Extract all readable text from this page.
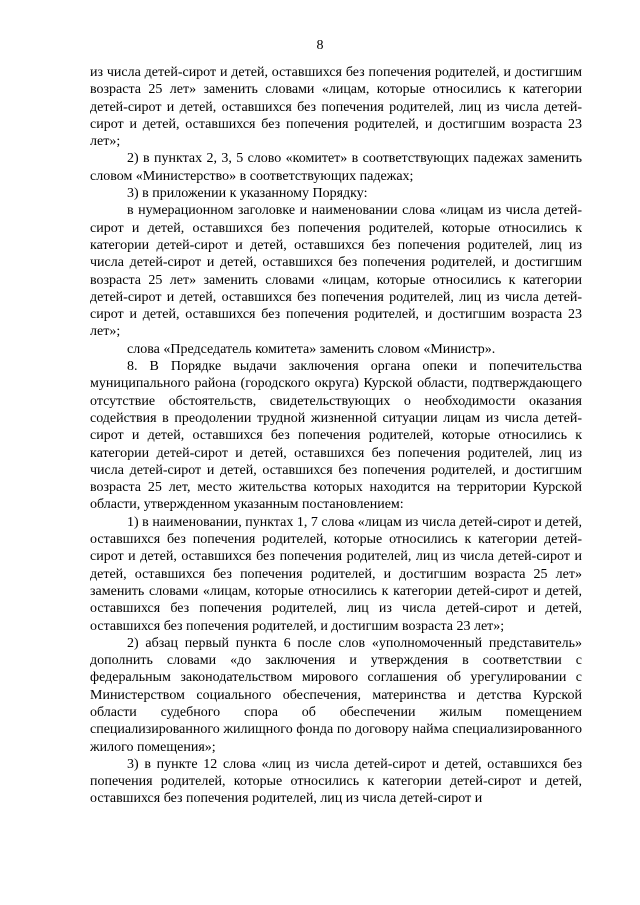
8

из числа детей-сирот и детей, оставшихся без попечения родителей, и достигшим возраста 25 лет» заменить словами «лицам, которые относились к категории детей-сирот и детей, оставшихся без попечения родителей, лиц из числа детей-сирот и детей, оставшихся без попечения родителей, и достигшим возраста 23 лет»;

2) в пунктах 2, 3, 5 слово «комитет» в соответствующих падежах заменить словом «Министерство» в соответствующих падежах;

3) в приложении к указанному Порядку:

в нумерационном заголовке и наименовании слова «лицам из числа детей-сирот и детей, оставшихся без попечения родителей, которые относились к категории детей-сирот и детей, оставшихся без попечения родителей, лиц из числа детей-сирот и детей, оставшихся без попечения родителей, и достигшим возраста 25 лет» заменить словами «лицам, которые относились к категории детей-сирот и детей, оставшихся без попечения родителей, лиц из числа детей-сирот и детей, оставшихся без попечения родителей, и достигшим возраста 23 лет»;

слова «Председатель комитета» заменить словом «Министр».

8. В Порядке выдачи заключения органа опеки и попечительства муниципального района (городского округа) Курской области, подтверждающего отсутствие обстоятельств, свидетельствующих о необходимости оказания содействия в преодолении трудной жизненной ситуации лицам из числа детей-сирот и детей, оставшихся без попечения родителей, которые относились к категории детей-сирот и детей, оставшихся без попечения родителей, лиц из числа детей-сирот и детей, оставшихся без попечения родителей, и достигшим возраста 25 лет, место жительства которых находится на территории Курской области, утвержденном указанным постановлением:

1) в наименовании, пунктах 1, 7 слова «лицам из числа детей-сирот и детей, оставшихся без попечения родителей, которые относились к категории детей-сирот и детей, оставшихся без попечения родителей, лиц из числа детей-сирот и детей, оставшихся без попечения родителей, и достигшим возраста 25 лет» заменить словами «лицам, которые относились к категории детей-сирот и детей, оставшихся без попечения родителей, лиц из числа детей-сирот и детей, оставшихся без попечения родителей, и достигшим возраста 23 лет»;

2) абзац первый пункта 6 после слов «уполномоченный представитель» дополнить словами «до заключения и утверждения в соответствии с федеральным законодательством мирового соглашения об урегулировании с Министерством социального обеспечения, материнства и детства Курской области судебного спора об обеспечении жилым помещением специализированного жилищного фонда по договору найма специализированного жилого помещения»;

3) в пункте 12 слова «лиц из числа детей-сирот и детей, оставшихся без попечения родителей, которые относились к категории детей-сирот и детей, оставшихся без попечения родителей, лиц из числа детей-сирот и
